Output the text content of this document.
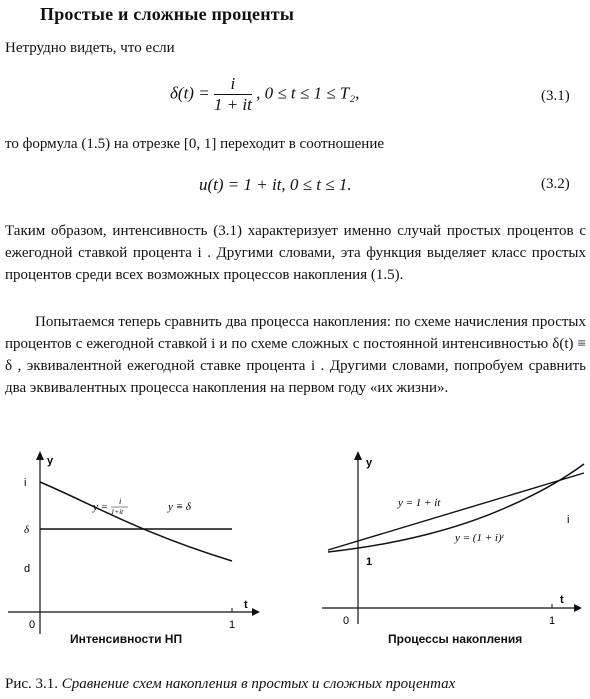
Простые и сложные проценты
Нетрудно видеть, что если
$\delta(t) = \frac{i}{1 + it}$ , 0 ≤ t ≤ 1 ≤ T₂,	(3.1)
то формула (1.5) на отрезке [0, 1] переходит в соотношение
u(t) = 1 + it, 0 ≤ t ≤ 1.	(3.2)
Таким образом, интенсивность (3.1) характеризует именно случай простых процентов с ежегодной ставкой процента i . Другими словами, эта функция выделяет класс простых процентов среди всех возможных процессов накопления (1.5).
Попытаемся теперь сравнить два процесса накопления: по схеме начисления простых процентов с ежегодной ставкой i и по схеме сложных с постоянной интенсивностью δ(t) ≡ δ , эквивалентной ежегодной ставке процента i . Другими словами, попробуем сравнить два эквивалентных процесса накопления на первом году «их жизни».
y
t
i
δ
d
0	1
y = i
1+it	y ≡ δ
Интенсивности НП
y
t
0	1
1
y = 1 + it
y = (1 + i)ᵗ
i
Процессы накопления
Рис. 3.1. Сравнение схем накопления в простых и сложных процентах
